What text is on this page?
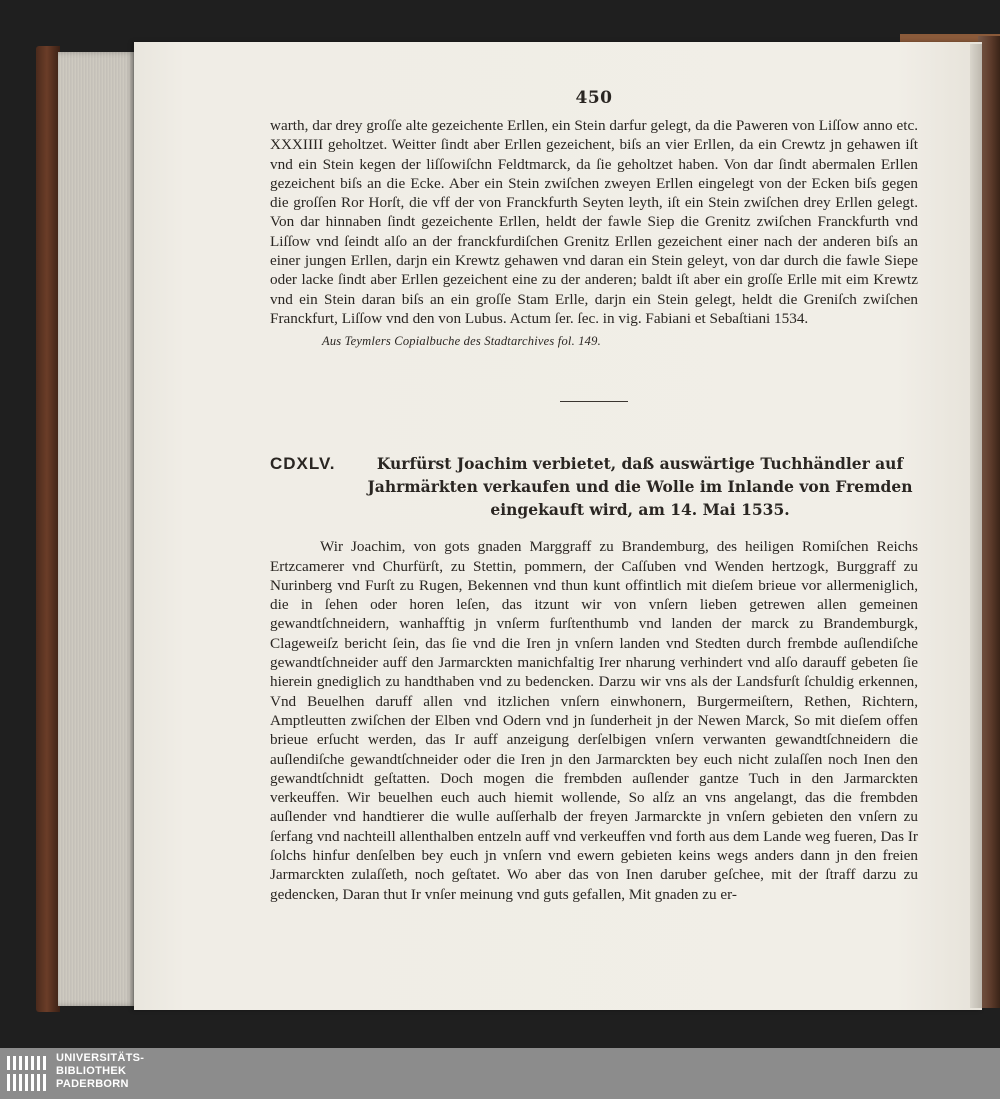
450

warth, dar drey groſſe alte gezeichente Erllen, ein Stein darfur gelegt, da die Paweren von Liſſow anno etc. XXXIIII geholtzet. Weitter ſindt aber Erllen gezeichent, biſs an vier Erllen, da ein Crewtz jn gehawen iſt vnd ein Stein kegen der liſſowiſchn Feldtmarck, da ſie geholtzet haben. Von dar ſindt abermalen Erllen gezeichent biſs an die Ecke. Aber ein Stein zwiſchen zweyen Erllen eingelegt von der Ecken biſs gegen die groſſen Ror Horſt, die vff der von Franckfurth Seyten leyth, iſt ein Stein zwiſchen drey Erllen gelegt. Von dar hinnaben ſindt gezeichente Erllen, heldt der fawle Siep die Grenitz zwiſchen Franckfurth vnd Liſſow vnd ſeindt alſo an der franckfurdiſchen Grenitz Erllen gezeichent einer nach der anderen biſs an einer jungen Erllen, darjn ein Krewtz gehawen vnd daran ein Stein geleyt, von dar durch die fawle Siepe oder lacke ſindt aber Erllen gezeichent eine zu der anderen; baldt iſt aber ein groſſe Erlle mit eim Krewtz vnd ein Stein daran biſs an ein groſſe Stam Erlle, darjn ein Stein gelegt, heldt die Greniſch zwiſchen Franckfurt, Liſſow vnd den von Lubus. Actum ſer. ſec. in vig. Fabiani et Sebaſtiani 1534.

Aus Teymlers Copialbuche des Stadtarchives fol. 149.
CDXLV.	Kurfürst Joachim verbietet, daß auswärtige Tuchhändler auf Jahrmärkten verkaufen und die Wolle im Inlande von Fremden eingekauft wird, am 14. Mai 1535.

Wir Joachim, von gots gnaden Marggraff zu Brandemburg, des heiligen Romiſchen Reichs Ertzcamerer vnd Churfürſt, zu Stettin, pommern, der Caſſuben vnd Wenden hertzogk, Burggraff zu Nurinberg vnd Furſt zu Rugen, Bekennen vnd thun kunt offintlich mit dieſem brieue vor allermeniglich, die in ſehen oder horen leſen, das itzunt wir von vnſern lieben getrewen allen gemeinen gewandtſchneidern, wanhafftig jn vnſerm furſtenthumb vnd landen der marck zu Brandemburgk, Clageweiſz bericht ſein, das ſie vnd die Iren jn vnſern landen vnd Stedten durch frembde auſlendiſche gewandtſchneider auff den Jarmarckten manichfaltig Irer nharung verhindert vnd alſo darauff gebeten ſie hierein gnediglich zu handthaben vnd zu bedencken. Darzu wir vns als der Landsfurſt ſchuldig erkennen, Vnd Beuelhen daruff allen vnd itzlichen vnſern einwhonern, Burgermeiſtern, Rethen, Richtern, Amptleutten zwiſchen der Elben vnd Odern vnd jn ſunderheit jn der Newen Marck, So mit dieſem offen brieue erſucht werden, das Ir auff anzeigung derſelbigen vnſern verwanten gewandtſchneidern die auſlendiſche gewandtſchneider oder die Iren jn den Jarmarckten bey euch nicht zulaſſen noch Inen den gewandtſchnidt geſtatten. Doch mogen die frembden auſlender gantze Tuch in den Jarmarckten verkeuffen. Wir beuelhen euch auch hiemit wollende, So alſz an vns angelangt, das die frembden auſlender vnd handtierer die wulle auſſerhalb der freyen Jarmarckte jn vnſern gebieten den vnſern zu ſerfang vnd nachteill allenthalben entzeln auff vnd verkeuffen vnd forth aus dem Lande weg fueren, Das Ir ſolchs hinfur denſelben bey euch jn vnſern vnd ewern gebieten keins wegs anders dann jn den freien Jarmarckten zulaſſeth, noch geſtatet. Wo aber das von Inen daruber geſchee, mit der ſtraff darzu zu gedencken, Daran thut Ir vnſer meinung vnd guts gefallen, Mit gnaden zu er-

UNIVERSITÄTS-
BIBLIOTHEK
PADERBORN
